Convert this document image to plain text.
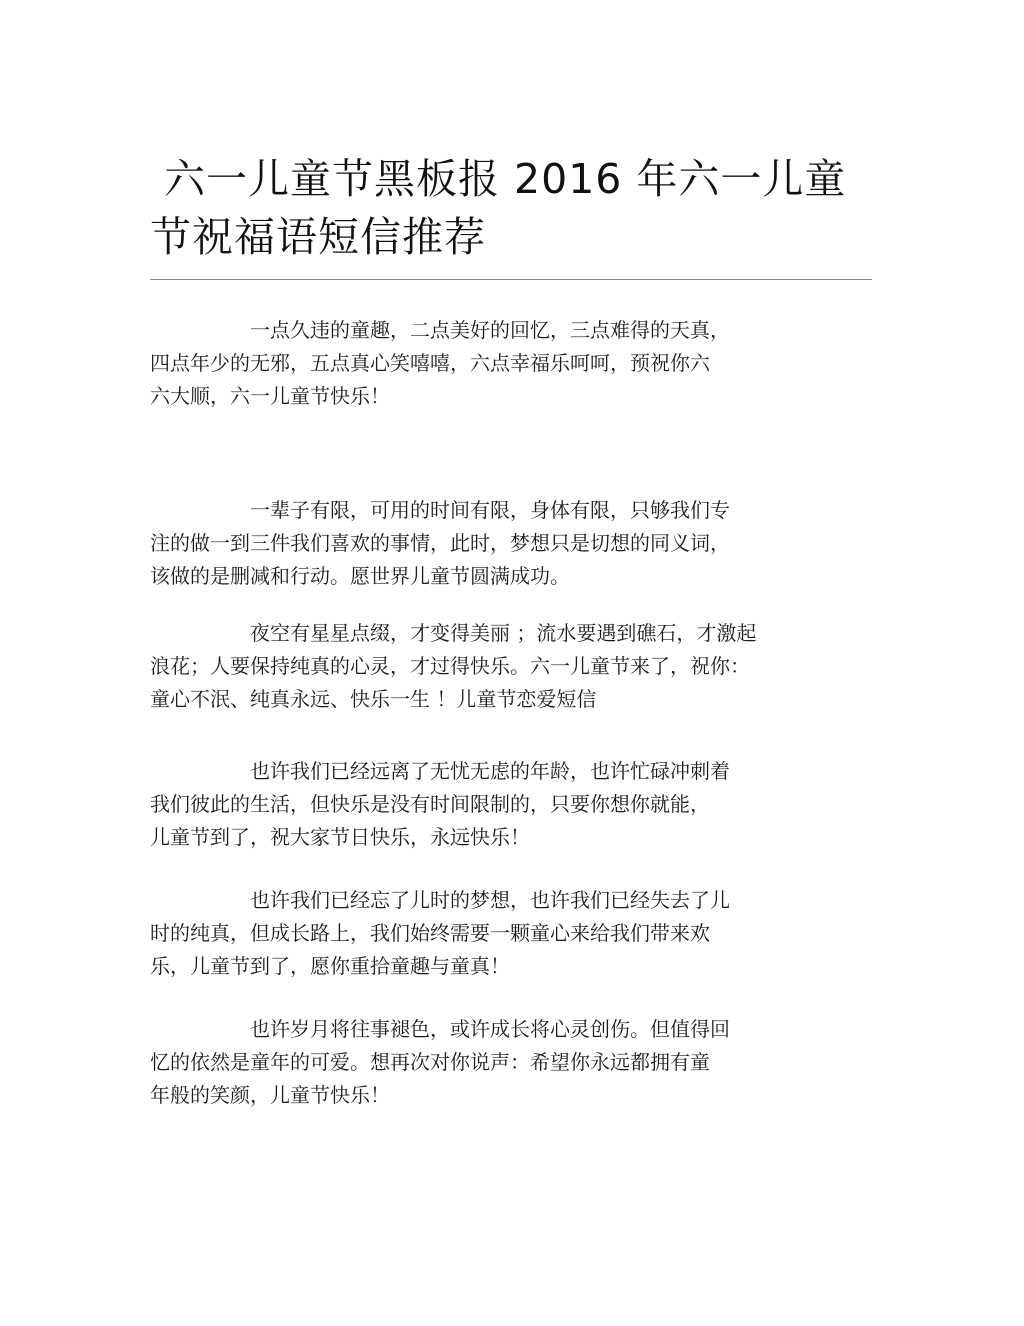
六一儿童节黑板报 2016 年六一儿童
节祝福语短信推荐

一点久违的童趣，二点美好的回忆，三点难得的天真，
四点年少的无邪，五点真心笑嘻嘻，六点幸福乐呵呵，预祝你六
六大顺，六一儿童节快乐！

一辈子有限，可用的时间有限，身体有限，只够我们专
注的做一到三件我们喜欢的事情，此时，梦想只是切想的同义词，
该做的是删减和行动。愿世界儿童节圆满成功。

夜空有星星点缀，才变得美丽 ；流水要遇到礁石，才激起
浪花；人要保持纯真的心灵，才过得快乐。六一儿童节来了，祝你：
童心不泯、纯真永远、快乐一生 ！儿童节恋爱短信

也许我们已经远离了无忧无虑的年龄，也许忙碌冲刺着
我们彼此的生活，但快乐是没有时间限制的，只要你想你就能，
儿童节到了，祝大家节日快乐，永远快乐！

也许我们已经忘了儿时的梦想，也许我们已经失去了儿
时的纯真，但成长路上，我们始终需要一颗童心来给我们带来欢
乐，儿童节到了，愿你重拾童趣与童真！

也许岁月将往事褪色，或许成长将心灵创伤。但值得回
忆的依然是童年的可爱。想再次对你说声：希望你永远都拥有童
年般的笑颜，儿童节快乐！
